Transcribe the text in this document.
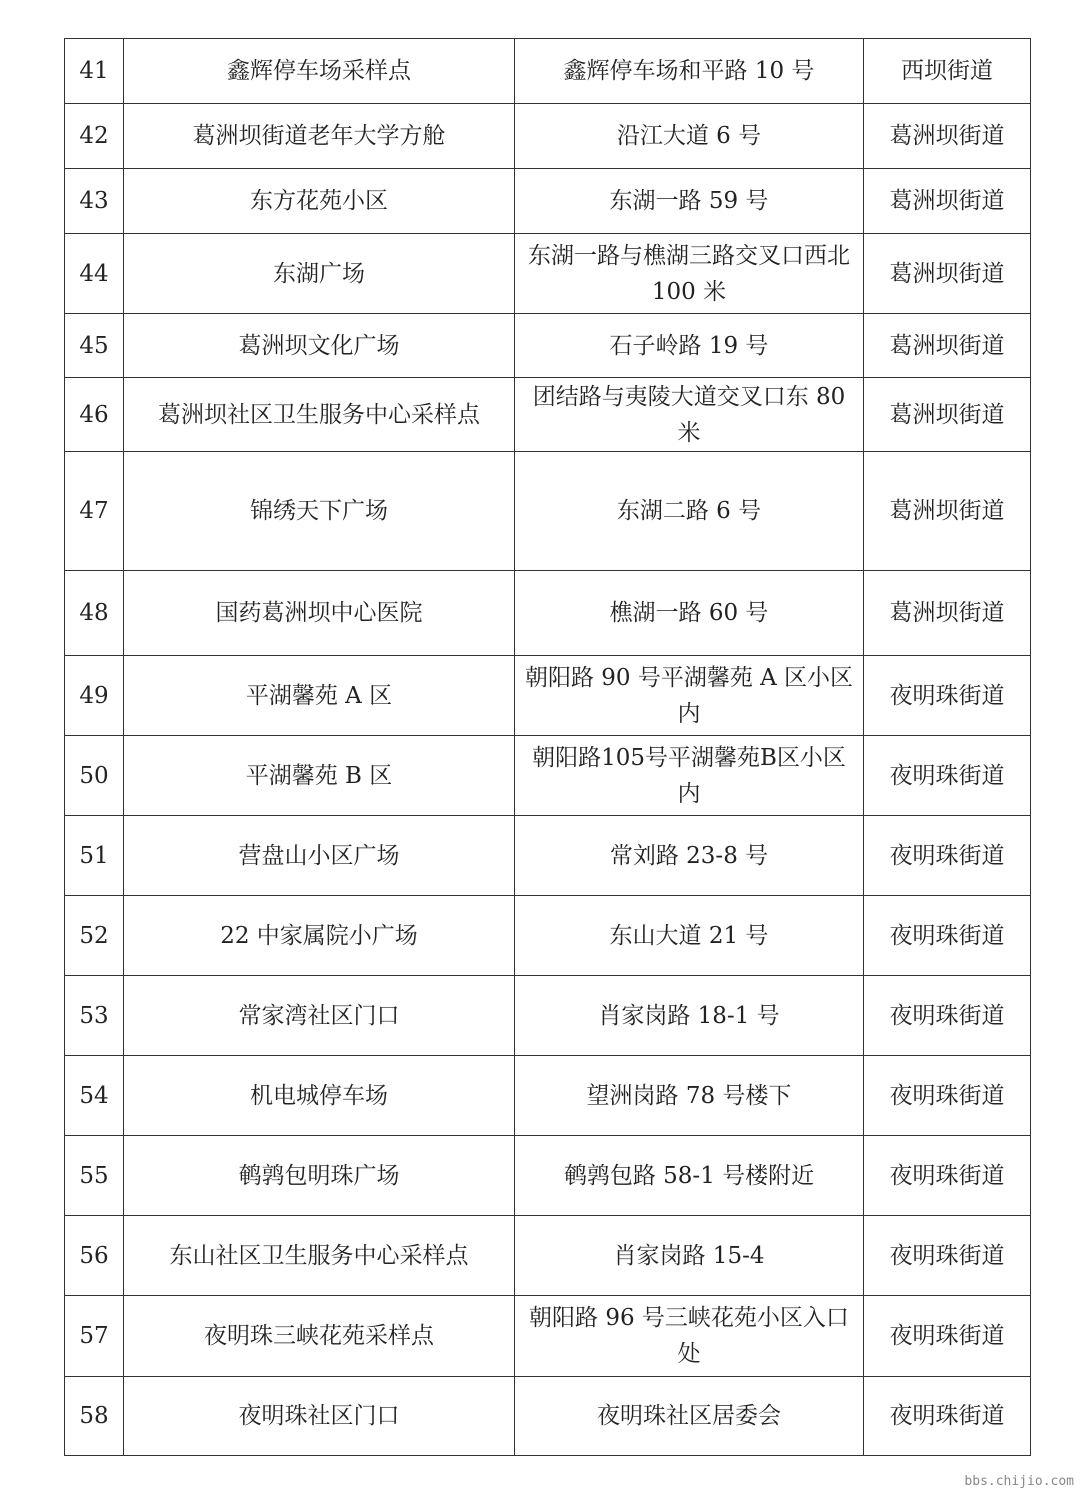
41	鑫辉停车场采样点	鑫辉停车场和平路 10 号	西坝街道
42	葛洲坝街道老年大学方舱	沿江大道 6 号	葛洲坝街道
43	东方花苑小区	东湖一路 59 号	葛洲坝街道
44	东湖广场	东湖一路与樵湖三路交叉口西北 100 米	葛洲坝街道
45	葛洲坝文化广场	石子岭路 19 号	葛洲坝街道
46	葛洲坝社区卫生服务中心采样点	团结路与夷陵大道交叉口东 80 米	葛洲坝街道
47	锦绣天下广场	东湖二路 6 号	葛洲坝街道
48	国药葛洲坝中心医院	樵湖一路 60 号	葛洲坝街道
49	平湖馨苑 A 区	朝阳路 90 号平湖馨苑 A 区小区内	夜明珠街道
50	平湖馨苑 B 区	朝阳路105号平湖馨苑B区小区内	夜明珠街道
51	营盘山小区广场	常刘路 23-8 号	夜明珠街道
52	22 中家属院小广场	东山大道 21 号	夜明珠街道
53	常家湾社区门口	肖家岗路 18-1 号	夜明珠街道
54	机电城停车场	望洲岗路 78 号楼下	夜明珠街道
55	鹌鹑包明珠广场	鹌鹑包路 58-1 号楼附近	夜明珠街道
56	东山社区卫生服务中心采样点	肖家岗路 15-4	夜明珠街道
57	夜明珠三峡花苑采样点	朝阳路 96 号三峡花苑小区入口处	夜明珠街道
58	夜明珠社区门口	夜明珠社区居委会	夜明珠街道
bbs.chijio.com
